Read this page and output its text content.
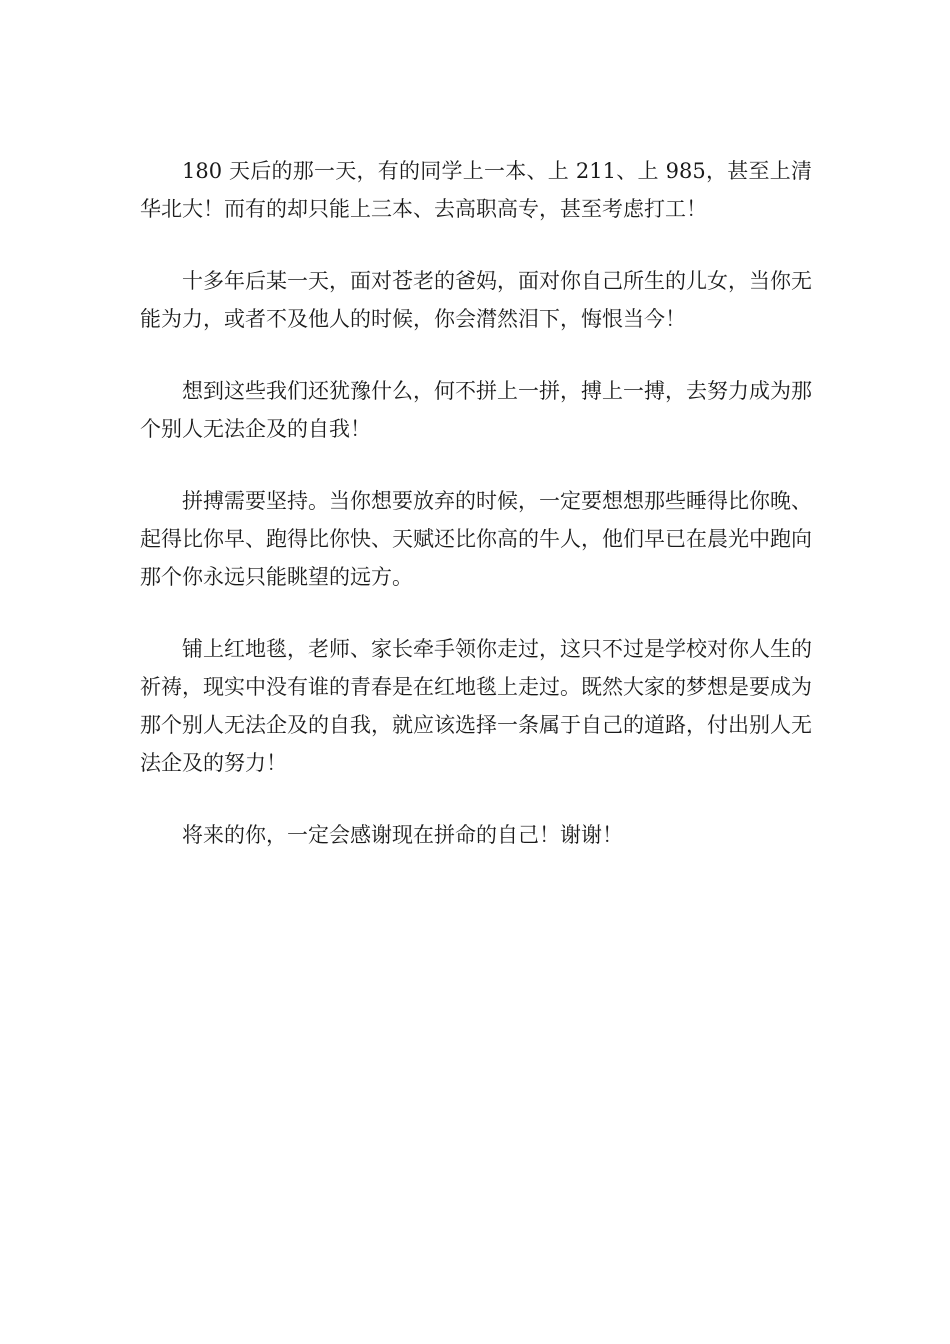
180 天后的那一天，有的同学上一本、上 211、上 985，甚至上清华北大！而有的却只能上三本、去高职高专，甚至考虑打工！

十多年后某一天，面对苍老的爸妈，面对你自己所生的儿女，当你无能为力，或者不及他人的时候，你会潸然泪下，悔恨当今！

想到这些我们还犹豫什么，何不拼上一拼，搏上一搏，去努力成为那个别人无法企及的自我！

拼搏需要坚持。当你想要放弃的时候，一定要想想那些睡得比你晚、起得比你早、跑得比你快、天赋还比你高的牛人，他们早已在晨光中跑向那个你永远只能眺望的远方。

铺上红地毯，老师、家长牵手领你走过，这只不过是学校对你人生的祈祷，现实中没有谁的青春是在红地毯上走过。既然大家的梦想是要成为那个别人无法企及的自我，就应该选择一条属于自己的道路，付出别人无法企及的努力！

将来的你，一定会感谢现在拼命的自己！谢谢！
